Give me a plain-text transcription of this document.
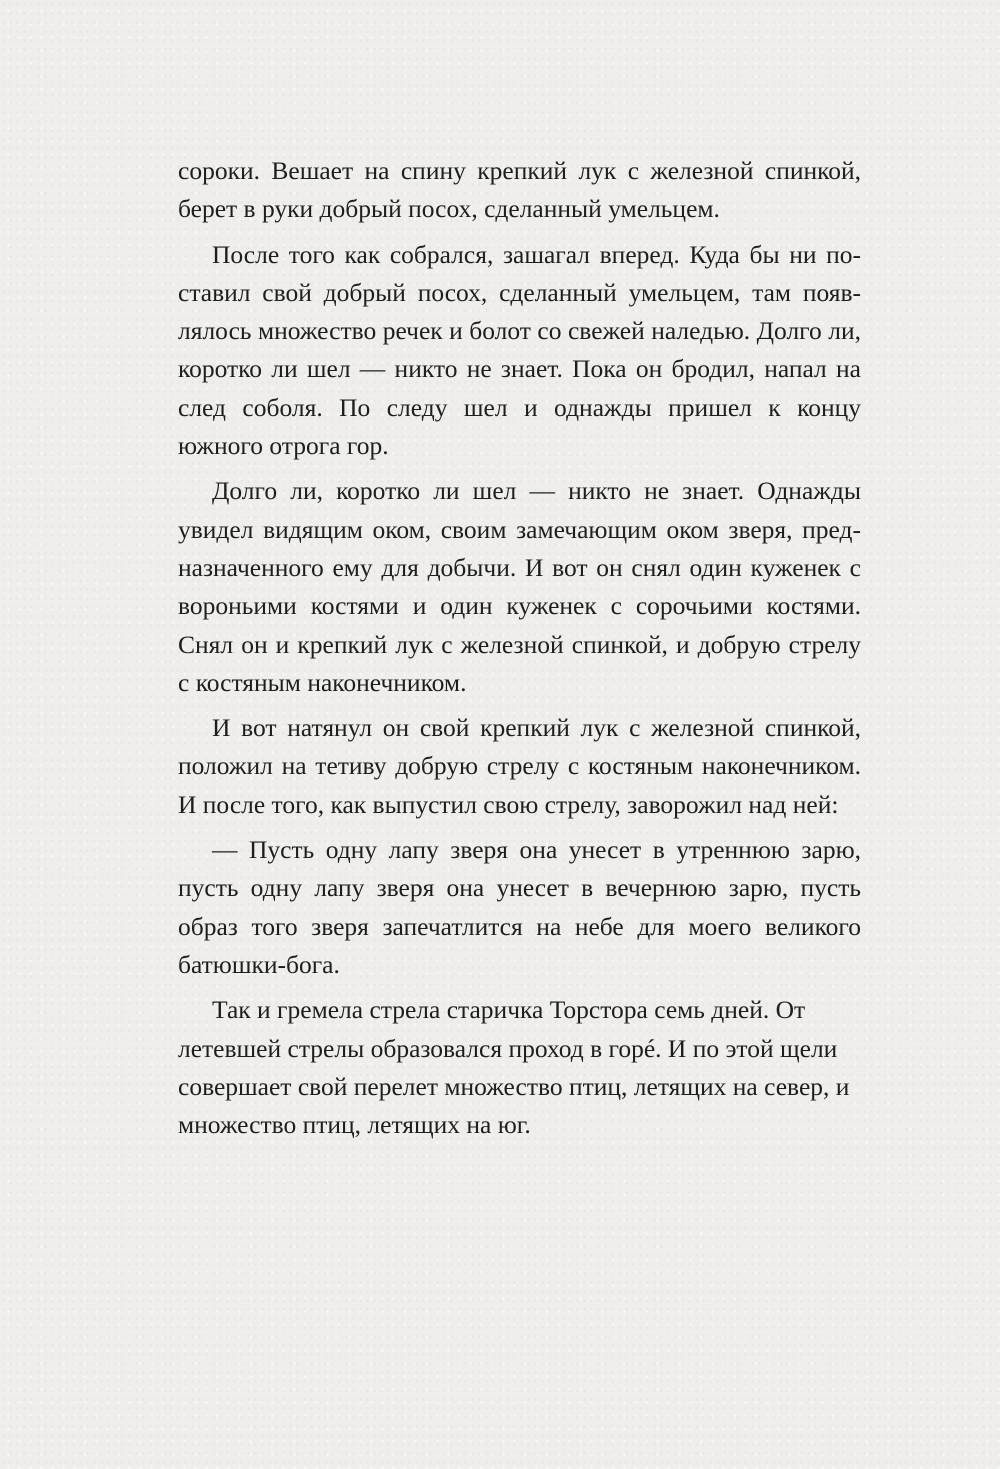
сороки. Вешает на спину крепкий лук с железной спинкой, берет в руки добрый посох, сделанный умельцем.

После того как собрался, зашагал вперед. Куда бы ни поставил свой добрый посох, сделанный умельцем, там появлялось множество речек и болот со свежей наледью. Долго ли, коротко ли шел — никто не знает. Пока он бродил, напал на след соболя. По следу шел и однажды пришел к концу южного отрога гор.

Долго ли, коротко ли шел — никто не знает. Однажды увидел видящим оком, своим замечающим оком зверя, предназначенного ему для добычи. И вот он снял один куженек с вороньими костями и один куженек с сорочьими костями. Снял он и крепкий лук с железной спинкой, и добрую стрелу с костяным наконечником.

И вот натянул он свой крепкий лук с железной спинкой, положил на тетиву добрую стрелу с костяным наконечником. И после того, как выпустил свою стрелу, заворожил над ней:

— Пусть одну лапу зверя она унесет в утреннюю зарю, пусть одну лапу зверя она унесет в вечернюю зарю, пусть образ того зверя запечатлится на небе для моего великого батюшки-бога.

Так и гремела стрела старичка Торстора семь дней. От летевшей стрелы образовался проход в горé. И по этой щели совершает свой перелет множество птиц, летящих на север, и множество птиц, летящих на юг.
